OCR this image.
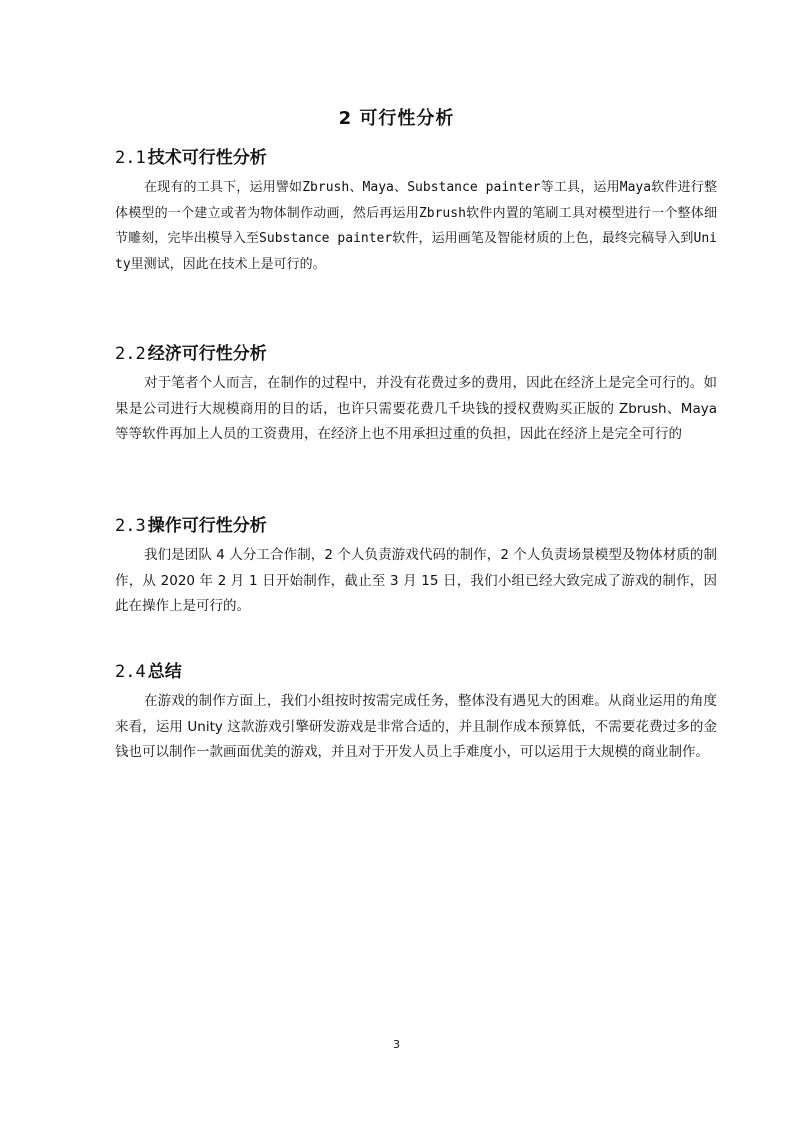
2 可行性分析
2.1 技术可行性分析

在现有的工具下，运用譬如Zbrush、Maya、Substance painter等工具，运用Maya软件进行整体模型的一个建立或者为物体制作动画，然后再运用Zbrush软件内置的笔刷工具对模型进行一个整体细节雕刻，完毕出模导入至Substance painter软件，运用画笔及智能材质的上色，最终完稿导入到Unity里测试，因此在技术上是可行的。

2.2 经济可行性分析

对于笔者个人而言，在制作的过程中，并没有花费过多的费用，因此在经济上是完全可行的。如果是公司进行大规模商用的目的话，也许只需要花费几千块钱的授权费购买正版的 Zbrush、Maya 等等软件再加上人员的工资费用，在经济上也不用承担过重的负担，因此在经济上是完全可行的

2.3 操作可行性分析

我们是团队 4 人分工合作制，2 个人负责游戏代码的制作，2 个人负责场景模型及物体材质的制作，从 2020 年 2 月 1 日开始制作，截止至 3 月 15 日，我们小组已经大致完成了游戏的制作，因此在操作上是可行的。

2.4 总结

在游戏的制作方面上，我们小组按时按需完成任务，整体没有遇见大的困难。从商业运用的角度来看，运用 Unity 这款游戏引擎研发游戏是非常合适的，并且制作成本预算低，不需要花费过多的金钱也可以制作一款画面优美的游戏，并且对于开发人员上手难度小，可以运用于大规模的商业制作。

3
